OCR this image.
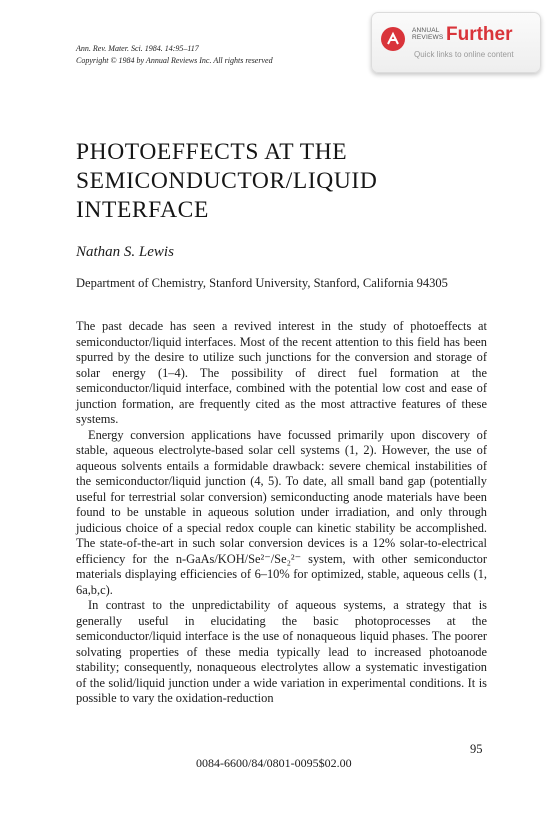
Ann. Rev. Mater. Sci. 1984. 14:95–117
Copyright © 1984 by Annual Reviews Inc. All rights reserved
ANNUAL
REVIEWS Further
Quick links to online content
PHOTOEFFECTS AT THE
SEMICONDUCTOR/LIQUID
INTERFACE
Nathan S. Lewis
Department of Chemistry, Stanford University, Stanford, California 94305

The past decade has seen a revived interest in the study of photoeffects at semiconductor/liquid interfaces. Most of the recent attention to this field has been spurred by the desire to utilize such junctions for the conversion and storage of solar energy (1–4). The possibility of direct fuel formation at the semiconductor/liquid interface, combined with the potential low cost and ease of junction formation, are frequently cited as the most attractive features of these systems.

Energy conversion applications have focussed primarily upon discovery of stable, aqueous electrolyte-based solar cell systems (1, 2). However, the use of aqueous solvents entails a formidable drawback: severe chemical instabilities of the semiconductor/liquid junction (4, 5). To date, all small band gap (potentially useful for terrestrial solar conversion) semiconducting anode materials have been found to be unstable in aqueous solution under irradiation, and only through judicious choice of a special redox couple can kinetic stability be accomplished. The state-of-the-art in such solar conversion devices is a 12% solar-to-electrical efficiency for the n-GaAs/KOH/Se²⁻/Se₂²⁻ system, with other semiconductor materials displaying efficiencies of 6–10% for optimized, stable, aqueous cells (1, 6a,b,c).

In contrast to the unpredictability of aqueous systems, a strategy that is generally useful in elucidating the basic photoprocesses at the semiconductor/liquid interface is the use of nonaqueous liquid phases. The poorer solvating properties of these media typically lead to increased photoanode stability; consequently, nonaqueous electrolytes allow a systematic investigation of the solid/liquid junction under a wide variation in experimental conditions. It is possible to vary the oxidation-reduction

95
0084-6600/84/0801-0095$02.00
